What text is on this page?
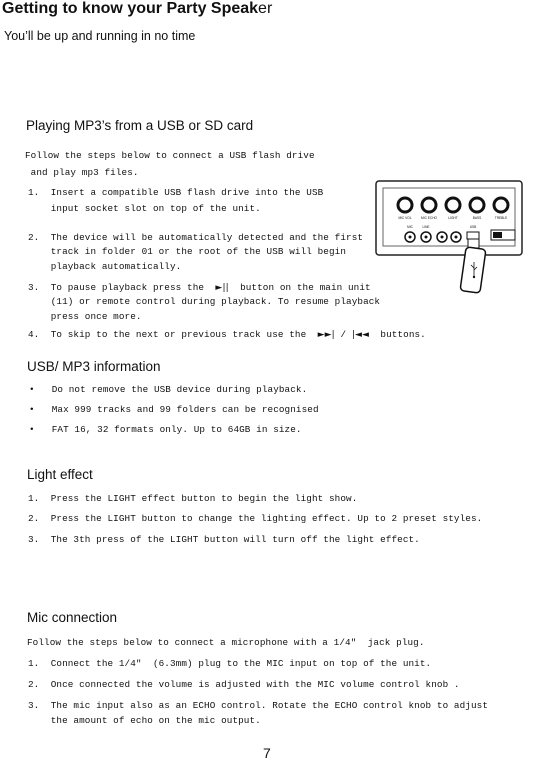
Getting to know your Party Speaker
You’ll be up and running in no time
Playing MP3’s from a USB or SD card
Follow the steps below to connect a USB flash drive
and play mp3 files.
1.  Insert a compatible USB flash drive into the USB
input socket slot on top of the unit.
2.  The device will be automatically detected and the first
track in folder 01 or the root of the USB will begin
playback automatically.
3.  To pause playback press the  ►||  button on the main unit
(11) or remote control during playback. To resume playback
press once more.
4.  To skip to the next or previous track use the  ►►| / |◄◄  buttons.
MIC VOL	MIC ECHO	LIGHT	BASS	TREBLE
MIC	LINE	USB
USB/ MP3 information
•   Do not remove the USB device during playback.
•   Max 999 tracks and 99 folders can be recognised
•   FAT 16, 32 formats only. Up to 64GB in size.
Light effect
1.  Press the LIGHT effect button to begin the light show.
2.  Press the LIGHT button to change the lighting effect. Up to 2 preset styles.
3.  The 3th press of the LIGHT button will turn off the light effect.
Mic connection
Follow the steps below to connect a microphone with a 1/4"  jack plug.
1.  Connect the 1/4"  (6.3mm) plug to the MIC input on top of the unit.
2.  Once connected the volume is adjusted with the MIC volume control knob .
3.  The mic input also as an ECHO control. Rotate the ECHO control knob to adjust
the amount of echo on the mic output.
7
